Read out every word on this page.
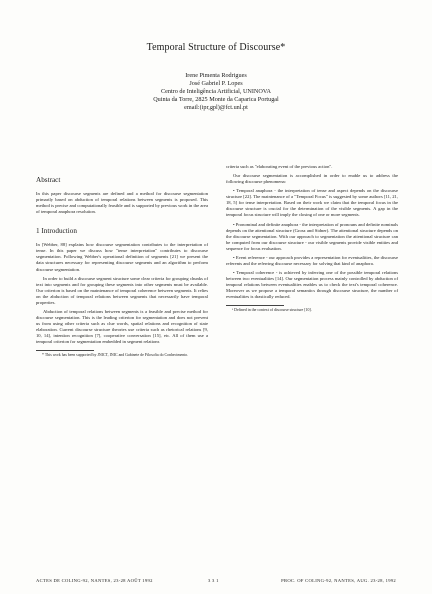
Temporal Structure of Discourse*
Irene Pimenta Rodrigues
José Gabriel P. Lopes
Centro de Inteligência Artificial, UNINOVA
Quinta da Torre, 2825 Monte da Caparica Portugal
email:(ipr,gpl)@fct.unl.pt
Abstract

In this paper discourse segments are defined and a method for discourse segmentation primarily based on abduction of temporal relations between segments is proposed. This method is precise and computationally feasible and is supported by previous work in the area of temporal anaphora resolution.

1 Introduction

In [Webber, 88] explains how discourse segmentation contributes to the interpretation of tense. In this paper we discuss how "tense interpretation" contributes to discourse segmentation. Following Webber's operational definition of segments [21] we present the data structures necessary for representing discourse segments and an algorithm to perform discourse segmentation.

In order to build a discourse segment structure some clear criteria for grouping chunks of text into segments and for grouping these segments into other segments must be available. Our criterion is based on the maintenance of temporal coherence between segments. It relies on the abduction of temporal relations between segments that necessarily have temporal properties.

Abduction of temporal relations between segments is a feasible and precise method for discourse segmentation. This is the leading criterion for segmentation and does not prevent us from using other criteria such as clue words, spatial relations and recognition of state elaboration. Current discourse structure theories use criteria such as rhetorical relations [9, 10, 14], intention recognition [7], cooperative conversation [15], etc. All of them use a temporal criterion for segmentation embedded in segment relations

* This work has been supported by JNICT, INIC and Gabinete de Filosofia do Conhecimento.

criteria such as "elaborating event of the previous action".

Our discourse segmentation is accomplished in order to enable us to address the following discourse phenomena:

• Temporal anaphora - the interpretation of tense and aspect depends on the discourse structure [22]. The maintenance of a "Temporal Focus" is suggested by some authors [11, 21, 18, 5] for tense interpretation. Based on their work we claim that the temporal focus in the discourse structure is crucial for the determination of the visible segments. A gap in the temporal focus structure will imply the closing of one or more segments.

• Pronominal and definite anaphora - the interpretation of pronouns and definite nominals depends on the attentional structure (Grosz and Sidner). The attentional structure depends on the discourse segmentation. With our approach to segmentation the attentional structure can be computed from our discourse structure - our visible segments provide visible entities and sequence for focus evaluation.

• Event reference - our approach provides a representation for eventualities, the discourse referents and the referring discourse necessary for solving that kind of anaphora.

• Temporal coherence - is achieved by inferring one of the possible temporal relations between two eventualities [14]. Our segmentation process mainly controlled by abduction of temporal relations between eventualities enables us to check the text's temporal coherence. Moreover as we propose a temporal semantics through discourse structure, the number of eventualities is drastically reduced.

¹ Defined in the context of discourse structure [10].

ACTES DE COLING-92, NANTES, 23-28 AOÛT 1992	3 3 1	PROC. OF COLING-92, NANTES, AUG. 23-28, 1992
